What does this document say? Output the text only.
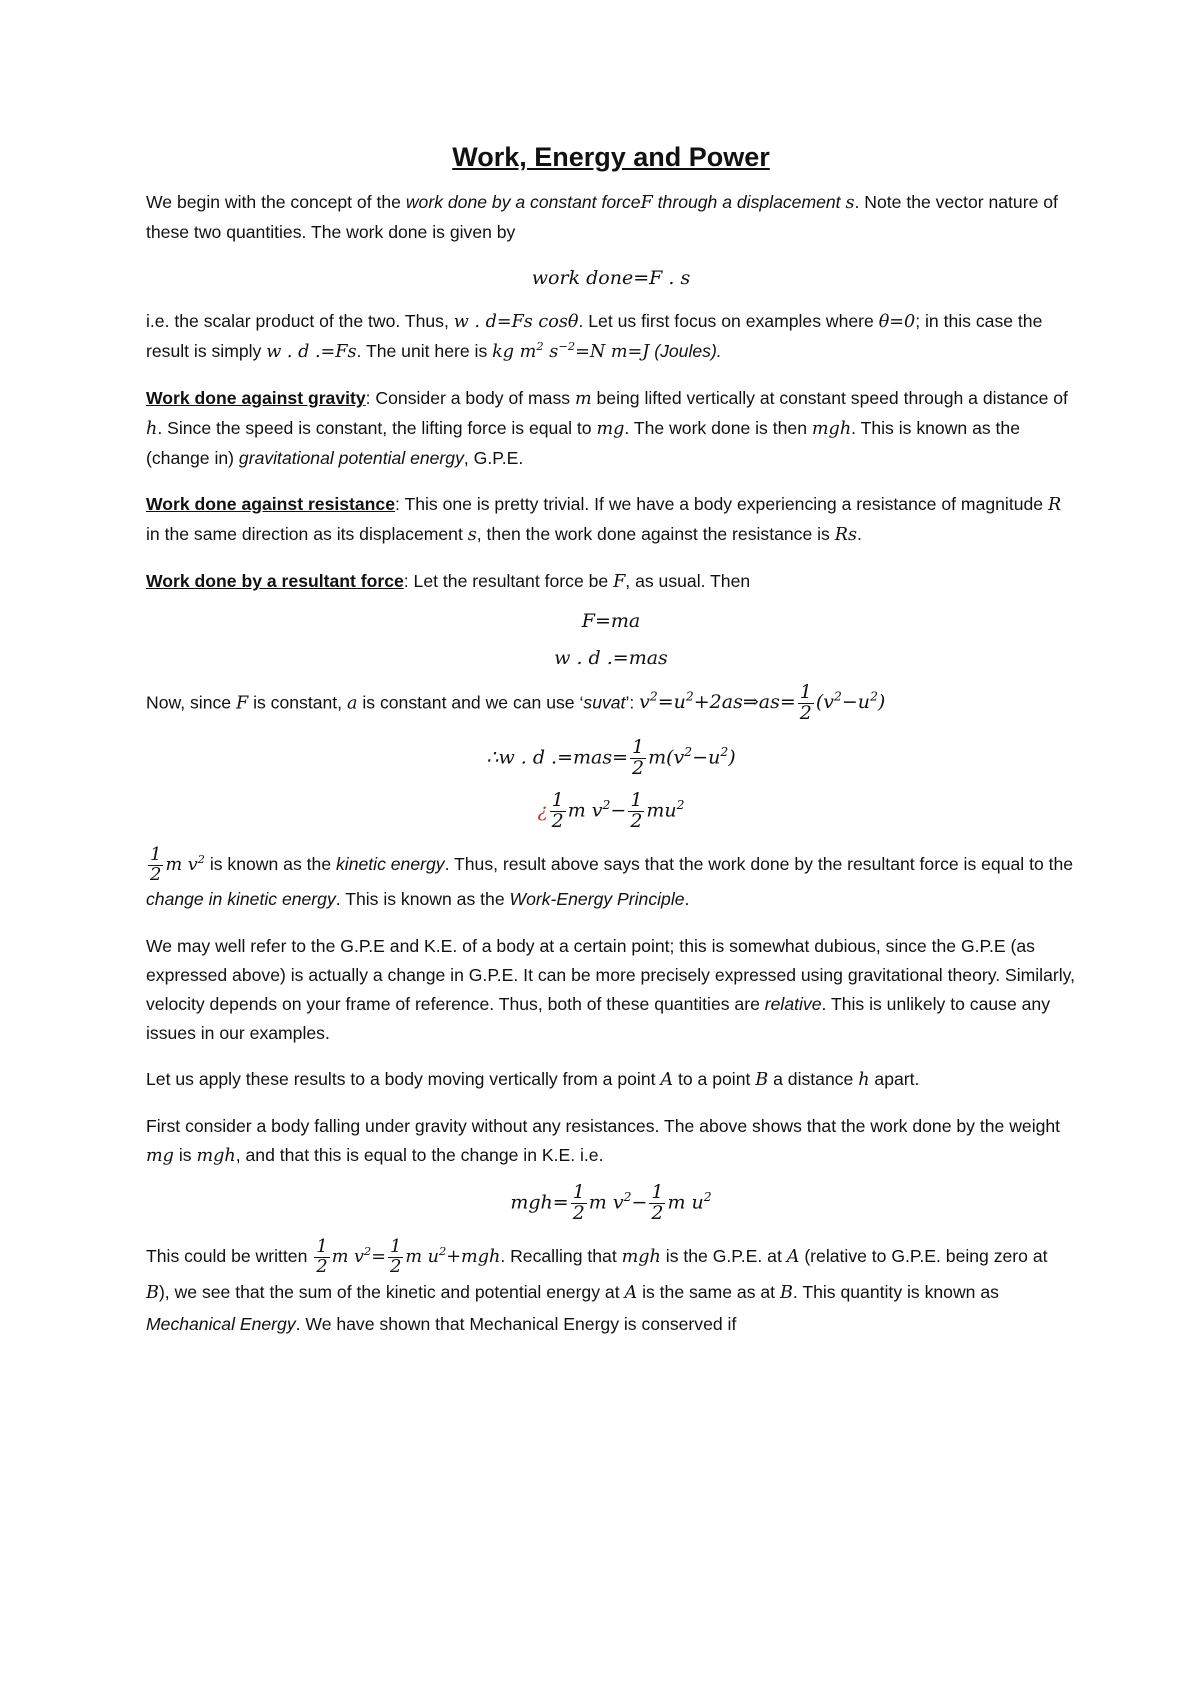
Work, Energy and Power

We begin with the concept of the work done by a constant forceF through a displacement s. Note the vector nature of these two quantities. The work done is given by

work done=F . s

i.e. the scalar product of the two. Thus, w . d=Fs cosθ. Let us first focus on examples where θ=0; in this case the result is simply w . d .=Fs. The unit here is kg $m^2$ $s^{-2}=N$ m=J (Joules).

Work done against gravity: Consider a body of mass m being lifted vertically at constant speed through a distance of h. Since the speed is constant, the lifting force is equal to mg. The work done is then mgh. This is known as the (change in) gravitational potential energy, G.P.E.

Work done against resistance: This one is pretty trivial. If we have a body experiencing a resistance of magnitude R in the same direction as its displacement s, then the work done against the resistance is Rs.

Work done by a resultant force: Let the resultant force be F, as usual. Then

F=ma
w . d .=mas

Now, since F is constant, a is constant and we can use ‘suvat’: $v^2=u^2+2as\Rightarrow as= \frac{1}{2} (v^2-u^2)$

∴w . d $.=mas= \frac{1}{2} m(v^2-u^2)$
¿ $\frac{1}{2}$ m $v^2- \frac{1}{2} mu^2$

$\frac{1}{2}$ m $v^2$ is known as the kinetic energy. Thus, result above says that the work done by the resultant force is equal to the change in kinetic energy. This is known as the Work-Energy Principle.

We may well refer to the G.P.E and K.E. of a body at a certain point; this is somewhat dubious, since the G.P.E (as expressed above) is actually a change in G.P.E. It can be more precisely expressed using gravitational theory. Similarly, velocity depends on your frame of reference. Thus, both of these quantities are relative. This is unlikely to cause any issues in our examples.

Let us apply these results to a body moving vertically from a point A to a point B a distance h apart.

First consider a body falling under gravity without any resistances. The above shows that the work done by the weight mg is mgh, and that this is equal to the change in K.E. i.e.

$mgh= \frac{1}{2}$ m $v^2- \frac{1}{2}$ m $u^2$

This could be written $\frac{1}{2}$ m $v^2= \frac{1}{2}$ m $u^2+mgh$. Recalling that mgh is the G.P.E. at A (relative to G.P.E. being zero at B), we see that the sum of the kinetic and potential energy at A is the same as at B. This quantity is known as Mechanical Energy. We have shown that Mechanical Energy is conserved if
